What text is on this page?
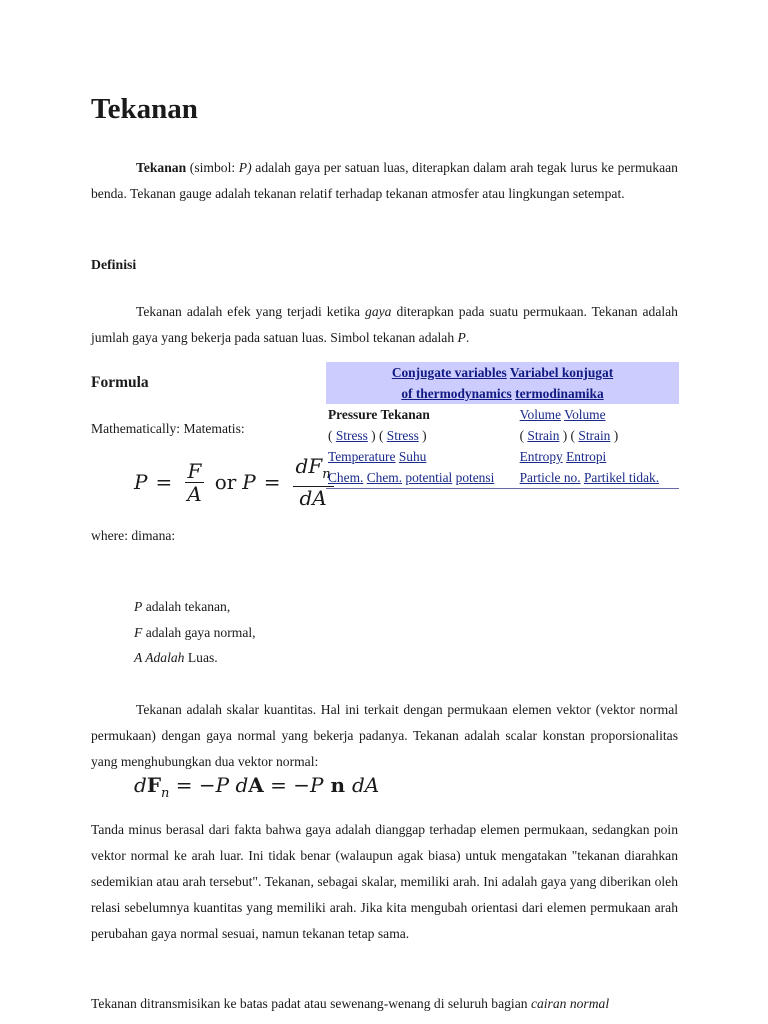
Tekanan

Tekanan (simbol: P) adalah gaya per satuan luas, diterapkan dalam arah tegak lurus ke permukaan benda. Tekanan gauge adalah tekanan relatif terhadap tekanan atmosfer atau lingkungan setempat.

Definisi

Tekanan adalah efek yang terjadi ketika gaya diterapkan pada suatu permukaan. Tekanan adalah jumlah gaya yang bekerja pada satuan luas. Simbol tekanan adalah P.

Formula

Mathematically: Matematis:

$P = \frac{F}{A}$ or $P = \frac{dF_n}{dA}$

where: dimana:

P adalah tekanan,

F adalah gaya normal,

A Adalah Luas.

Conjugate variables Variabel konjugat
of thermodynamics termodinamika	

Pressure Tekanan	Volume Volume
( Stress ) ( Stress )	( Strain ) ( Strain )
Temperature Suhu	Entropy Entropi
Chem. Chem. potential potensi	Particle no. Partikel tidak.

Tekanan adalah skalar kuantitas. Hal ini terkait dengan permukaan elemen vektor (vektor normal permukaan) dengan gaya normal yang bekerja padanya. Tekanan adalah scalar konstan proporsionalitas yang menghubungkan dua vektor normal:

$dF_n = -P$ dA = −P n dA

Tanda minus berasal dari fakta bahwa gaya adalah dianggap terhadap elemen permukaan, sedangkan poin vektor normal ke arah luar. Ini tidak benar (walaupun agak biasa) untuk mengatakan "tekanan diarahkan sedemikian atau arah tersebut". Tekanan, sebagai skalar, memiliki arah. Ini adalah gaya yang diberikan oleh relasi sebelumnya kuantitas yang memiliki arah. Jika kita mengubah orientasi dari elemen permukaan arah perubahan gaya normal sesuai, namun tekanan tetap sama.

Tekanan ditransmisikan ke batas padat atau sewenang-wenang di seluruh bagian cairan normal
